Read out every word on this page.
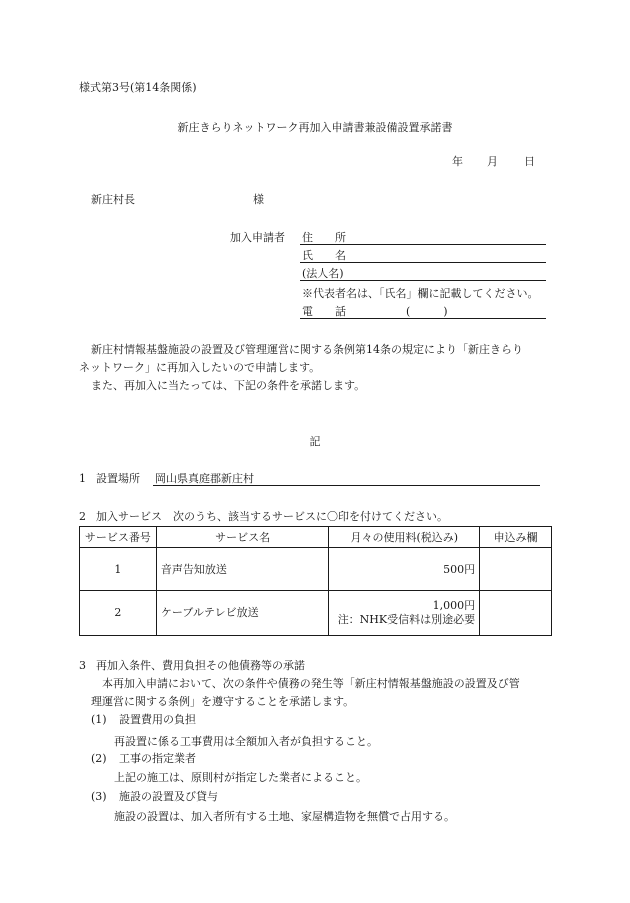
様式第3号(第14条関係)
新庄きらりネットワーク再加入申請書兼設備設置承諾書
年 月 日
新庄村長	様
加入申請者 住　　所
氏　　名
(法人名)
※代表者名は、「氏名」欄に記載してください。
電　　話	(　　　)
新庄村情報基盤施設の設置及び管理運営に関する条例第14条の規定により「新庄きらり
ネットワーク」に再加入したいので申請します。
また、再加入に当たっては、下記の条件を承諾します。
記
1 設置場所 岡山県真庭郡新庄村
2 加入サービス　次のうち、該当するサービスに〇印を付けてください。
サービス番号	サービス名	月々の使用料(税込み)	申込み欄
1	音声告知放送	500円	
2	ケーブルテレビ放送	1,000円
注：NHK受信料は別途必要	

3 再加入条件、費用負担その他債務等の承諾
本再加入申請において、次の条件や債務の発生等「新庄村情報基盤施設の設置及び管
理運営に関する条例」を遵守することを承諾します。
(1) 設置費用の負担
再設置に係る工事費用は全額加入者が負担すること。
(2) 工事の指定業者
上記の施工は、原則村が指定した業者によること。
(3) 施設の設置及び貸与
施設の設置は、加入者所有する土地、家屋構造物を無償で占用する。
